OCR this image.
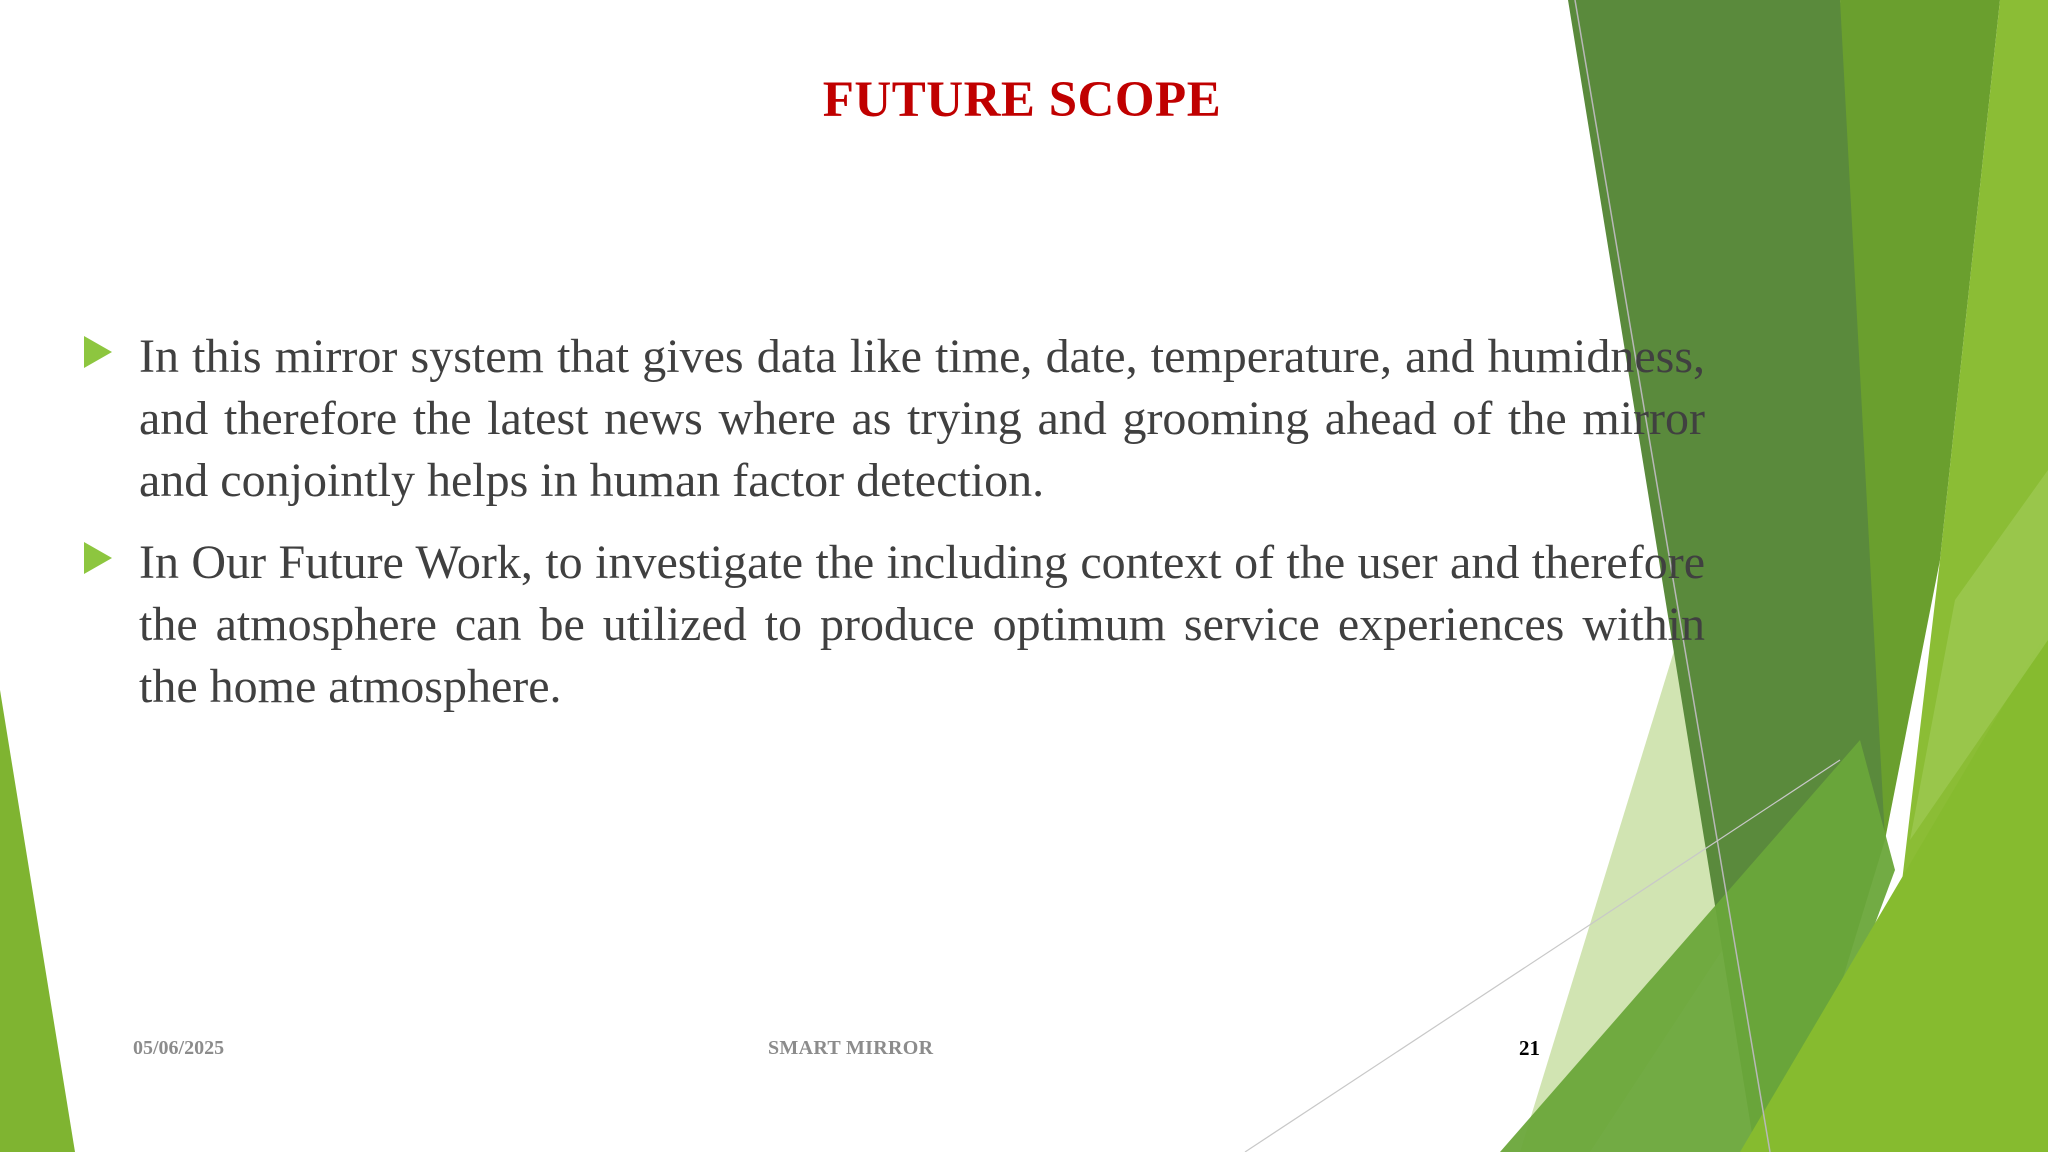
FUTURE SCOPE
In this mirror system that gives data like time, date, temperature, and humidness, and therefore the latest news where as trying and grooming ahead of the mirror and conjointly helps in human factor detection.
In Our Future Work, to investigate the including context of the user and therefore the atmosphere can be utilized to produce optimum service experiences within the home atmosphere.
05/06/2025	SMART MIRROR	21
